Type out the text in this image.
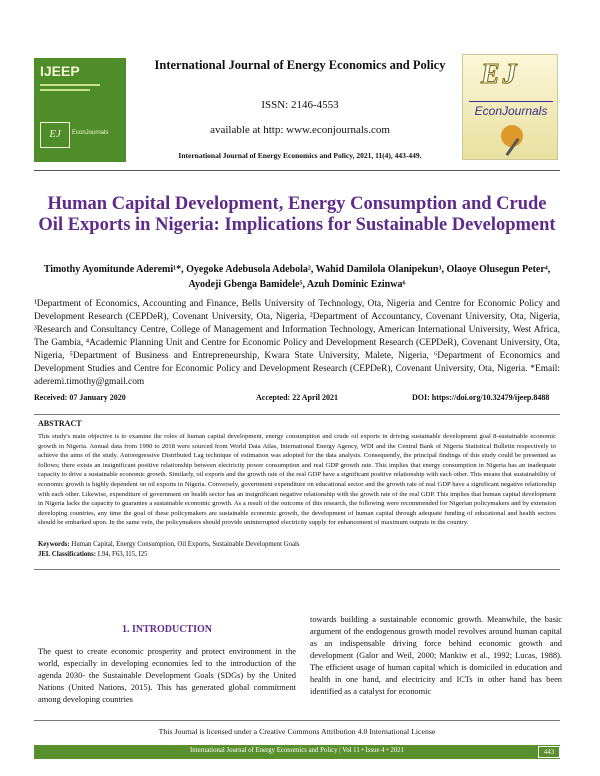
IJEEP
EJ	EconJournals
International Journal of Energy Economics and Policy
ISSN: 2146-4553
available at http: www.econjournals.com
International Journal of Energy Economics and Policy, 2021, 11(4), 443-449.
EJ
EconJournals
Human Capital Development, Energy Consumption and Crude Oil Exports in Nigeria: Implications for Sustainable Development
Timothy Ayomitunde Aderemi¹*, Oyegoke Adebusola Adebola², Wahid Damilola Olanipekun³, Olaoye Olusegun Peter⁴, Ayodeji Gbenga Bamidele⁵, Azuh Dominic Ezinwa⁶
¹Department of Economics, Accounting and Finance, Bells University of Technology, Ota, Nigeria and Centre for Economic Policy and Development Research (CEPDeR), Covenant University, Ota, Nigeria, ²Department of Accountancy, Covenant University, Ota, Nigeria, ³Research and Consultancy Centre, College of Management and Information Technology, American International University, West Africa, The Gambia, ⁴Academic Planning Unit and Centre for Economic Policy and Development Research (CEPDeR), Covenant University, Ota, Nigeria, ⁵Department of Business and Entrepreneurship, Kwara State University, Malete, Nigeria, ⁶Department of Economics and Development Studies and Centre for Economic Policy and Development Research (CEPDeR), Covenant University, Ota, Nigeria. *Email: aderemi.timothy@gmail.com
Received: 07 January 2020	Accepted: 22 April 2021	DOI: https://doi.org/10.32479/ijeep.8488
ABSTRACT
This study's main objective is to examine the roles of human capital development, energy consumption and crude oil exports in driving sustainable development goal 8-sustainable economic growth in Nigeria. Annual data from 1990 to 2018 were sourced from World Data Atlas, International Energy Agency, WDI and the Central Bank of Nigeria Statistical Bulletin respectively to achieve the aims of the study. Autoregressive Distributed Lag technique of estimation was adopted for the data analysis. Consequently, the principal findings of this study could be presented as follows; there exists an insignificant positive relationship between electricity power consumption and real GDP growth rate. This implies that energy consumption in Nigeria has an inadequate capacity to drive a sustainable economic growth. Similarly, oil exports and the growth rate of the real GDP have a significant positive relationship with each other. This means that sustainability of economic growth is highly dependent on oil exports in Nigeria. Conversely, government expenditure on educational sector and the growth rate of real GDP have a significant negative relationship with each other. Likewise, expenditure of government on health sector has an insignificant negative relationship with the growth rate of the real GDP. This implies that human capital development in Nigeria lacks the capacity to guarantee a sustainable economic growth. As a result of the outcome of this research, the following were recommended for Nigerian policymakers and by extension developing countries, any time the goal of these policymakers are sustainable economic growth, the development of human capital through adequate funding of educational and health sectors should be embarked upon. In the same vein, the policymakers should provide uninterrupted electricity supply for enhancement of maximum outputs in the country.
Keywords: Human Capital, Energy Consumption, Oil Exports, Sustainable Development Goals
JEL Classifications: L94, F63, I15, I25
1. INTRODUCTION
The quest to create economic prosperity and protect environment in the world, especially in developing economies led to the introduction of the agenda 2030- the Sustainable Development Goals (SDGs) by the United Nations (United Nations, 2015). This has generated global commitment among developing countries
towards building a sustainable economic growth. Meanwhile, the basic argument of the endogenous growth model revolves around human capital as an indispensable driving force behind economic growth and development (Galor and Weil, 2000; Mankiw et al., 1992; Lucas, 1988). The efficient usage of human capital which is domiciled in education and health in one hand, and electricity and ICTs in other hand has been identified as a catalyst for economic
This Journal is licensed under a Creative Commons Attribution 4.0 International License
International Journal of Energy Economics and Policy | Vol 11 • Issue 4 • 2021	443
